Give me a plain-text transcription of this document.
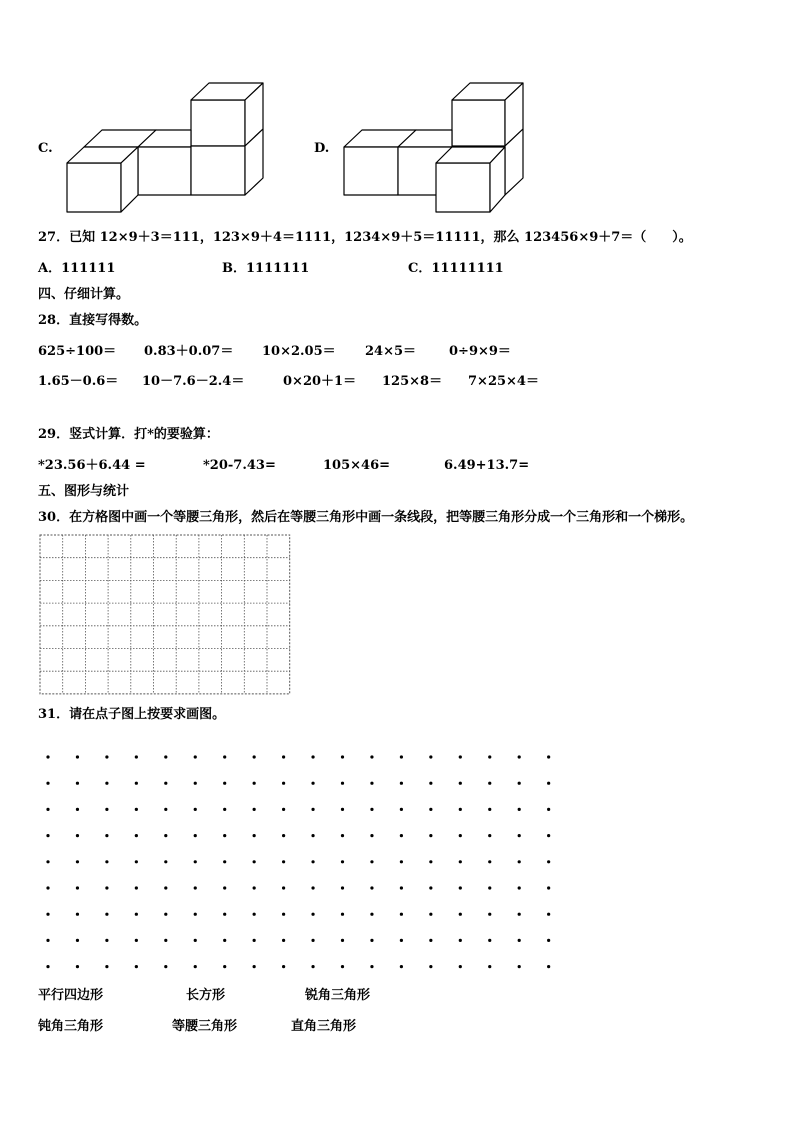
C.	D.
27．已知 12×9＋3＝111，123×9＋4＝1111，1234×9＋5＝11111，那么 123456×9＋7＝（　　）。
A．111111	B．1111111	C．11111111
四、仔细计算。
28．直接写得数。
625÷100＝ 0.83＋0.07＝ 10×2.05＝ 24×5＝	0÷9×9＝
1.65－0.6＝ 10－7.6－2.4＝	0×20＋1＝ 125×8＝ 7×25×4＝
29．竖式计算．打*的要验算：
*23.56＋6.44 =	*20-7.43=	105×46=	6.49+13.7=
五、图形与统计
30．在方格图中画一个等腰三角形，然后在等腰三角形中画一条线段，把等腰三角形分成一个三角形和一个梯形。
31．请在点子图上按要求画图。
平行四边形	长方形	锐角三角形
钝角三角形	等腰三角形	直角三角形
